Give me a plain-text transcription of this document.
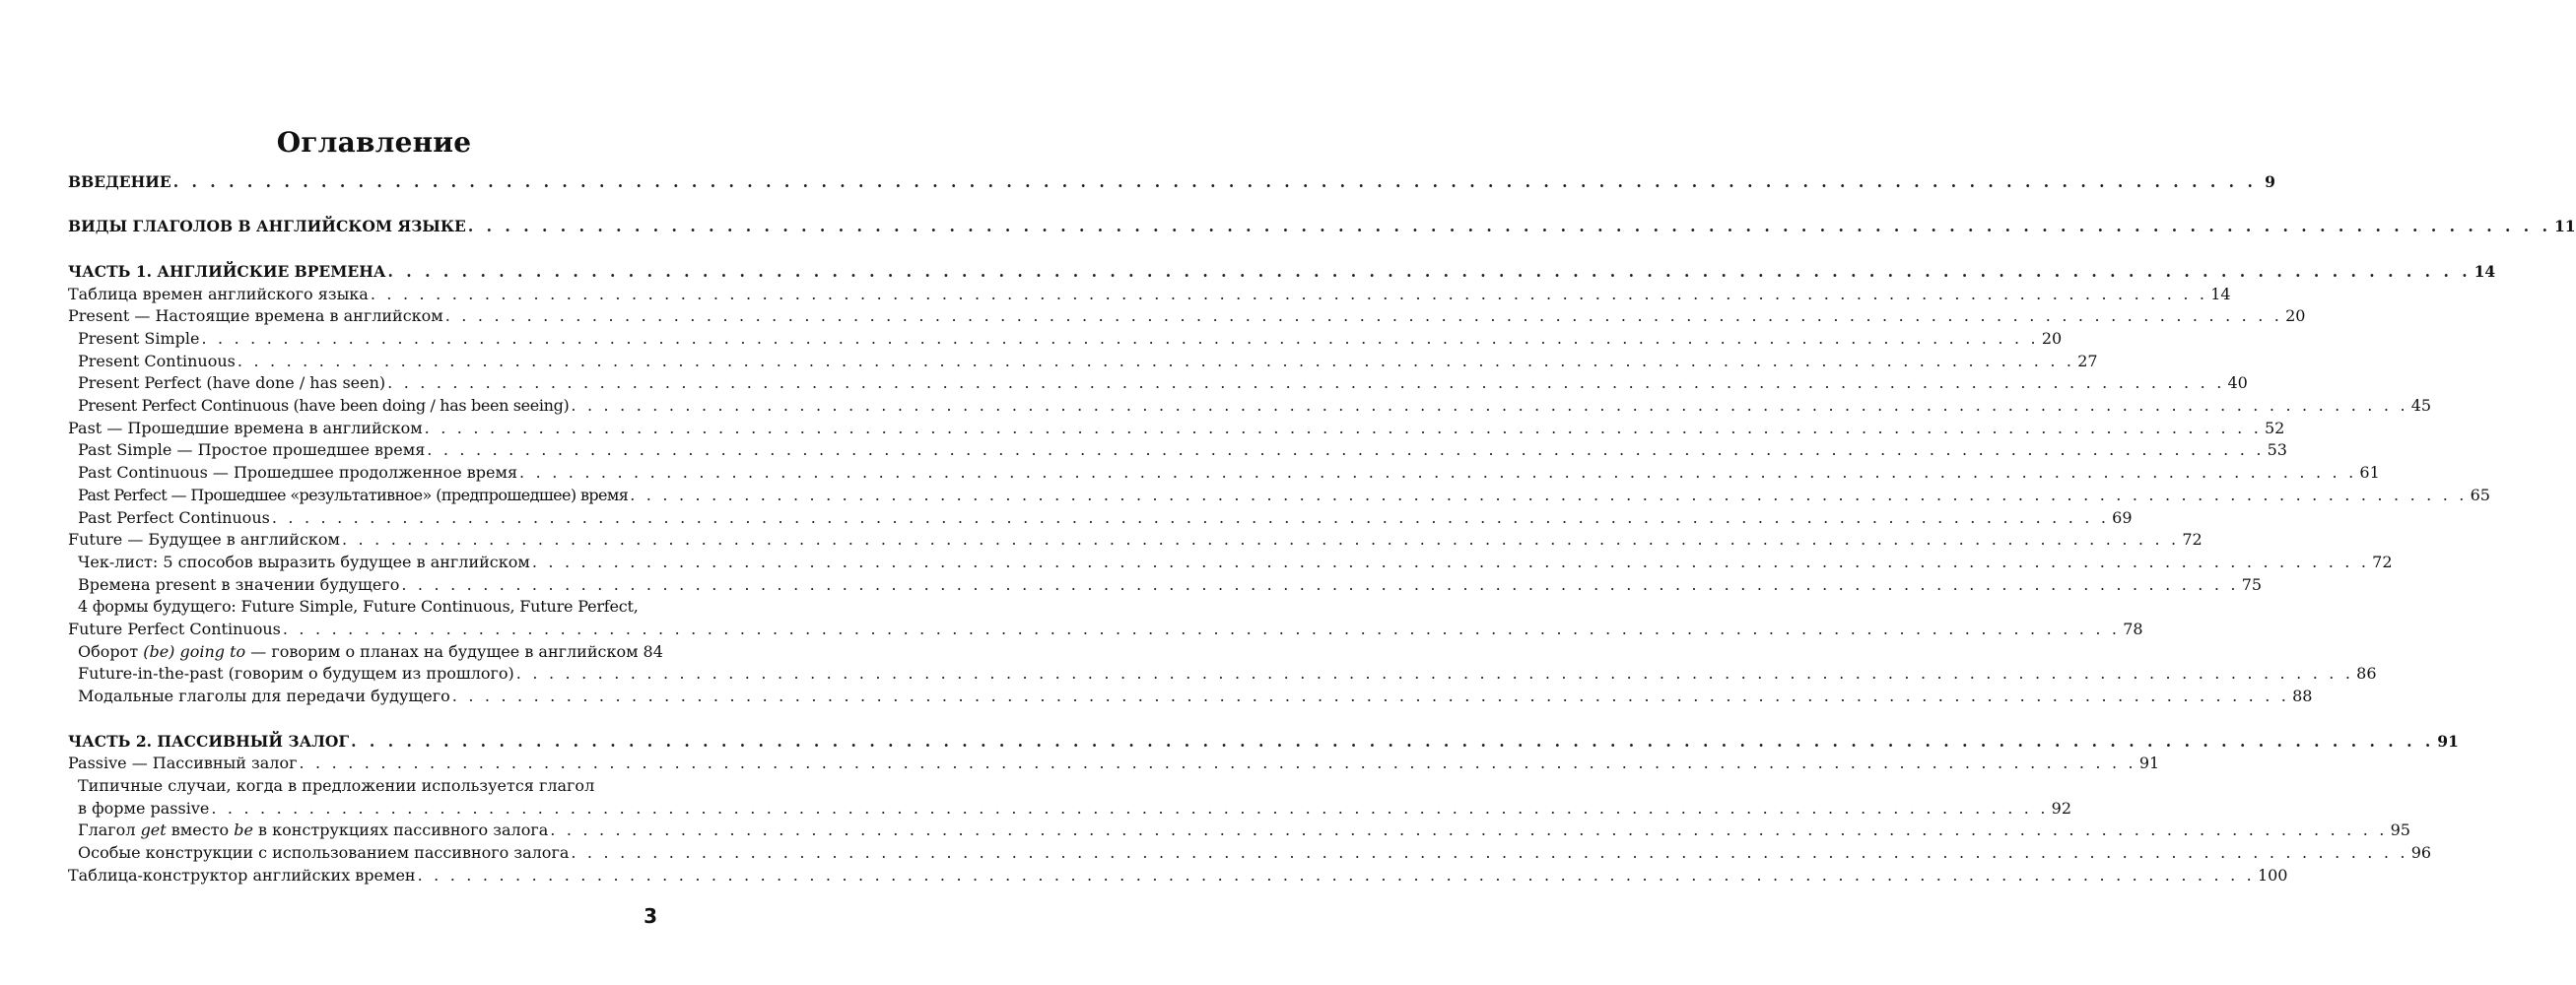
Оглавление
ВВЕДЕНИЕ . . . . . . . . . . . . . . . . . . . . . . . . . . . . . . . . . . . . . . . . . . . . . . . . . . . . . . . . . . . . . . . . . . . . . . . . . . . . . . . . . . . . . . . . . . . . . . . . . . . . . . . . . . . . . . . . . 9
ВИДЫ ГЛАГОЛОВ В АНГЛИЙСКОМ ЯЗЫКЕ . . . . . . . . . . . . . . . . . . . . . . . . . . . . . . . . . . . . . . . . . . . . . . . . . . . . . . . . . . . . . . . . . . . . . . . . . . . . . . . . . . . . . . . . . . . . . . . . . . . . . . . . . . . . . . . . . 11
ЧАСТЬ 1. АНГЛИЙСКИЕ ВРЕМЕНА . . . . . . . . . . . . . . . . . . . . . . . . . . . . . . . . . . . . . . . . . . . . . . . . . . . . . . . . . . . . . . . . . . . . . . . . . . . . . . . . . . . . . . . . . . . . . . . . . . . . . . . . . . . . . . . . . 14
Таблица времен английского языка . . . . . . . . . . . . . . . . . . . . . . . . . . . . . . . . . . . . . . . . . . . . . . . . . . . . . . . . . . . . . . . . . . . . . . . . . . . . . . . . . . . . . . . . . . . . . . . . . . . . . . . . . . . . . . . . . 14
Present — Настоящие времена в английском . . . . . . . . . . . . . . . . . . . . . . . . . . . . . . . . . . . . . . . . . . . . . . . . . . . . . . . . . . . . . . . . . . . . . . . . . . . . . . . . . . . . . . . . . . . . . . . . . . . . . . . . . . . . . . . . . 20
Present Simple . . . . . . . . . . . . . . . . . . . . . . . . . . . . . . . . . . . . . . . . . . . . . . . . . . . . . . . . . . . . . . . . . . . . . . . . . . . . . . . . . . . . . . . . . . . . . . . . . . . . . . . . . . . . . . . . . 20
Present Continuous . . . . . . . . . . . . . . . . . . . . . . . . . . . . . . . . . . . . . . . . . . . . . . . . . . . . . . . . . . . . . . . . . . . . . . . . . . . . . . . . . . . . . . . . . . . . . . . . . . . . . . . . . . . . . . . . . 27
Present Perfect (have done / has seen) . . . . . . . . . . . . . . . . . . . . . . . . . . . . . . . . . . . . . . . . . . . . . . . . . . . . . . . . . . . . . . . . . . . . . . . . . . . . . . . . . . . . . . . . . . . . . . . . . . . . . . . . . . . . . . . . . 40
Present Perfect Continuous (have been doing / has been seeing) . . . . . . . . . . . . . . . . . . . . . . . . . . . . . . . . . . . . . . . . . . . . . . . . . . . . . . . . . . . . . . . . . . . . . . . . . . . . . . . . . . . . . . . . . . . . . . . . . . . . . . . . . . . . . . . . . 45
Past — Прошедшие времена в английском . . . . . . . . . . . . . . . . . . . . . . . . . . . . . . . . . . . . . . . . . . . . . . . . . . . . . . . . . . . . . . . . . . . . . . . . . . . . . . . . . . . . . . . . . . . . . . . . . . . . . . . . . . . . . . . . . 52
Past Simple — Простое прошедшее время . . . . . . . . . . . . . . . . . . . . . . . . . . . . . . . . . . . . . . . . . . . . . . . . . . . . . . . . . . . . . . . . . . . . . . . . . . . . . . . . . . . . . . . . . . . . . . . . . . . . . . . . . . . . . . . . . 53
Past Continuous — Прошедшее продолженное время . . . . . . . . . . . . . . . . . . . . . . . . . . . . . . . . . . . . . . . . . . . . . . . . . . . . . . . . . . . . . . . . . . . . . . . . . . . . . . . . . . . . . . . . . . . . . . . . . . . . . . . . . . . . . . . . . 61
Past Perfect — Прошедшее «результативное» (предпрошедшее) время . . . . . . . . . . . . . . . . . . . . . . . . . . . . . . . . . . . . . . . . . . . . . . . . . . . . . . . . . . . . . . . . . . . . . . . . . . . . . . . . . . . . . . . . . . . . . . . . . . . . . . . . . . . . . . . . . 65
Past Perfect Continuous . . . . . . . . . . . . . . . . . . . . . . . . . . . . . . . . . . . . . . . . . . . . . . . . . . . . . . . . . . . . . . . . . . . . . . . . . . . . . . . . . . . . . . . . . . . . . . . . . . . . . . . . . . . . . . . . . 69
Future — Будущее в английском . . . . . . . . . . . . . . . . . . . . . . . . . . . . . . . . . . . . . . . . . . . . . . . . . . . . . . . . . . . . . . . . . . . . . . . . . . . . . . . . . . . . . . . . . . . . . . . . . . . . . . . . . . . . . . . . . 72
Чек-лист: 5 способов выразить будущее в английском . . . . . . . . . . . . . . . . . . . . . . . . . . . . . . . . . . . . . . . . . . . . . . . . . . . . . . . . . . . . . . . . . . . . . . . . . . . . . . . . . . . . . . . . . . . . . . . . . . . . . . . . . . . . . . . . . 72
Времена present в значении будущего . . . . . . . . . . . . . . . . . . . . . . . . . . . . . . . . . . . . . . . . . . . . . . . . . . . . . . . . . . . . . . . . . . . . . . . . . . . . . . . . . . . . . . . . . . . . . . . . . . . . . . . . . . . . . . . . . 75
4 формы будущего: Future Simple, Future Continuous, Future Perfect,
Future Perfect Continuous . . . . . . . . . . . . . . . . . . . . . . . . . . . . . . . . . . . . . . . . . . . . . . . . . . . . . . . . . . . . . . . . . . . . . . . . . . . . . . . . . . . . . . . . . . . . . . . . . . . . . . . . . . . . . . . . . 78
Оборот (be) going to — говорим о планах на будущее в английском 84
Future-in-the-past (говорим о будущем из прошлого) . . . . . . . . . . . . . . . . . . . . . . . . . . . . . . . . . . . . . . . . . . . . . . . . . . . . . . . . . . . . . . . . . . . . . . . . . . . . . . . . . . . . . . . . . . . . . . . . . . . . . . . . . . . . . . . . . 86
Модальные глаголы для передачи будущего . . . . . . . . . . . . . . . . . . . . . . . . . . . . . . . . . . . . . . . . . . . . . . . . . . . . . . . . . . . . . . . . . . . . . . . . . . . . . . . . . . . . . . . . . . . . . . . . . . . . . . . . . . . . . . . . . 88
ЧАСТЬ 2. ПАССИВНЫЙ ЗАЛОГ . . . . . . . . . . . . . . . . . . . . . . . . . . . . . . . . . . . . . . . . . . . . . . . . . . . . . . . . . . . . . . . . . . . . . . . . . . . . . . . . . . . . . . . . . . . . . . . . . . . . . . . . . . . . . . . . . 91
Passive — Пассивный залог . . . . . . . . . . . . . . . . . . . . . . . . . . . . . . . . . . . . . . . . . . . . . . . . . . . . . . . . . . . . . . . . . . . . . . . . . . . . . . . . . . . . . . . . . . . . . . . . . . . . . . . . . . . . . . . . . 91
Типичные случаи, когда в предложении используется глагол
в форме passive . . . . . . . . . . . . . . . . . . . . . . . . . . . . . . . . . . . . . . . . . . . . . . . . . . . . . . . . . . . . . . . . . . . . . . . . . . . . . . . . . . . . . . . . . . . . . . . . . . . . . . . . . . . . . . . . . 92
Глагол get вместо be в конструкциях пассивного залога . . . . . . . . . . . . . . . . . . . . . . . . . . . . . . . . . . . . . . . . . . . . . . . . . . . . . . . . . . . . . . . . . . . . . . . . . . . . . . . . . . . . . . . . . . . . . . . . . . . . . . . . . . . . . . . . . 95
Особые конструкции с использованием пассивного залога . . . . . . . . . . . . . . . . . . . . . . . . . . . . . . . . . . . . . . . . . . . . . . . . . . . . . . . . . . . . . . . . . . . . . . . . . . . . . . . . . . . . . . . . . . . . . . . . . . . . . . . . . . . . . . . . . 96
Таблица-конструктор английских времен . . . . . . . . . . . . . . . . . . . . . . . . . . . . . . . . . . . . . . . . . . . . . . . . . . . . . . . . . . . . . . . . . . . . . . . . . . . . . . . . . . . . . . . . . . . . . . . . . . . . . . . . . . . . . . . . . 100
3
